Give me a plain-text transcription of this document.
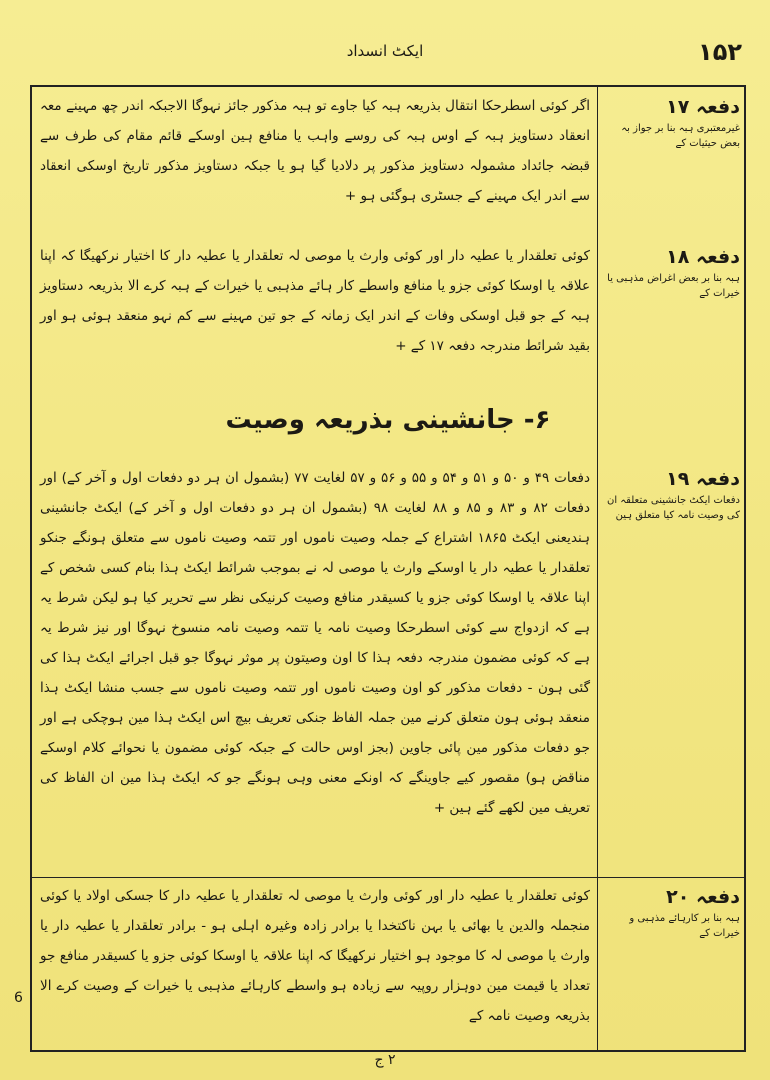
۱۵۲
ایکٹ انسداد
دفعہ ۱۷
غیرمعتبری ہبہ بنا بر جواز بہ بعض حیثیات کے
اگر کوئی اسطرحکا انتقال بذریعہ ہبہ کیا جاوے تو ہبہ مذکور جائز نہوگا الاجبکہ اندر چھ مہینے معہ انعقاد دستاویز ہبہ کے اوس ہبہ کی روسے واہب یا منافع ہین اوسکے قائم مقام کی طرف سے قبضہ جائداد مشمولہ دستاویز مذکور پر دلادیا گیا ہو یا جبکہ دستاویز مذکور تاریخ اوسکی انعقاد سے اندر ایک مہینے کے جسٹری ہوگئی ہو +
دفعہ ۱۸
ہبہ بنا بر بعض اغراض مذہبی یا خیرات کے
کوئی تعلقدار یا عطیہ دار اور کوئی وارث یا موصی لہ تعلقدار یا عطیہ دار کا اختیار نرکھیگا کہ اپنا علاقہ یا اوسکا کوئی جزو یا منافع واسطے کار ہائے مذہبی یا خیرات کے ہبہ کرے الا بذریعہ دستاویز ہبہ کے جو قبل اوسکی وفات کے اندر ایک زمانہ کے جو تین مہینے سے کم نہو منعقد ہوئی ہو اور بقید شرائط مندرجہ دفعہ ۱۷ کے +
۶- جانشینی بذریعہ وصیت
دفعہ ۱۹
دفعات ایکٹ جانشینی متعلقہ ان کی وصیت نامہ کیا متعلق ہین
دفعات ۴۹ و ۵۰ و ۵۱ و ۵۴ و ۵۵ و ۵۶ و ۵۷ لغایت ۷۷ (بشمول ان ہر دو دفعات اول و آخر کے) اور دفعات ۸۲ و ۸۳ و ۸۵ و ۸۸ لغایت ۹۸ (بشمول ان ہر دو دفعات اول و آخر کے) ایکٹ جانشینی ہندیعنی ایکٹ ۱۸۶۵ اشتراع کے جملہ وصیت ناموں اور تتمہ وصیت ناموں سے متعلق ہونگے جنکو تعلقدار یا عطیہ دار یا اوسکے وارث یا موصی لہ نے بموجب شرائط ایکٹ ہذا بنام کسی شخص کے اپنا علاقہ یا اوسکا کوئی جزو یا کسیقدر منافع وصیت کرنیکی نظر سے تحریر کیا ہو لیکن شرط یہ ہے کہ ازدواج سے کوئی اسطرحکا وصیت نامہ یا تتمہ وصیت نامہ منسوخ نہوگا اور نیز شرط یہ ہے کہ کوئی مضمون مندرجہ دفعہ ہذا کا اون وصیتون پر موثر نہوگا جو قبل اجرائے ایکٹ ہذا کی گئی ہون - دفعات مذکور کو اون وصیت ناموں اور تتمہ وصیت ناموں سے جسب منشا ایکٹ ہذا منعقد ہوئی ہون متعلق کرنے مین جملہ الفاظ جنکی تعریف بیچ اس ایکٹ ہذا مین ہوچکی ہے اور جو دفعات مذکور مین پائی جاوین (بجز اوس حالت کے جبکہ کوئی مضمون یا نحوائے کلام اوسکے مناقض ہو) مقصور کیے جاوینگے کہ اونکے معنی وہی ہونگے جو کہ ایکٹ ہذا مین ان الفاظ کی تعریف مین لکھے گئے ہین +
دفعہ ۲۰
ہبہ بنا بر کارہائے مذہبی و خیرات کے
کوئی تعلقدار یا عطیہ دار اور کوئی وارث یا موصی لہ تعلقدار یا عطیہ دار کا جسکی اولاد یا کوئی منجملہ والدین یا بھائی یا بہن ناکتخدا یا برادر زادہ وغیرہ اہلی ہو - برادر تعلقدار یا عطیہ دار یا وارث یا موصی لہ کا موجود ہو اختیار نرکھیگا کہ اپنا علاقہ یا اوسکا کوئی جزو یا کسیقدر منافع جو تعداد یا قیمت مین دوہزار روپیہ سے زیادہ ہو واسطے کارہائے مذہبی یا خیرات کے وصیت کرے الا بذریعہ وصیت نامہ کے
6
۲ ج
